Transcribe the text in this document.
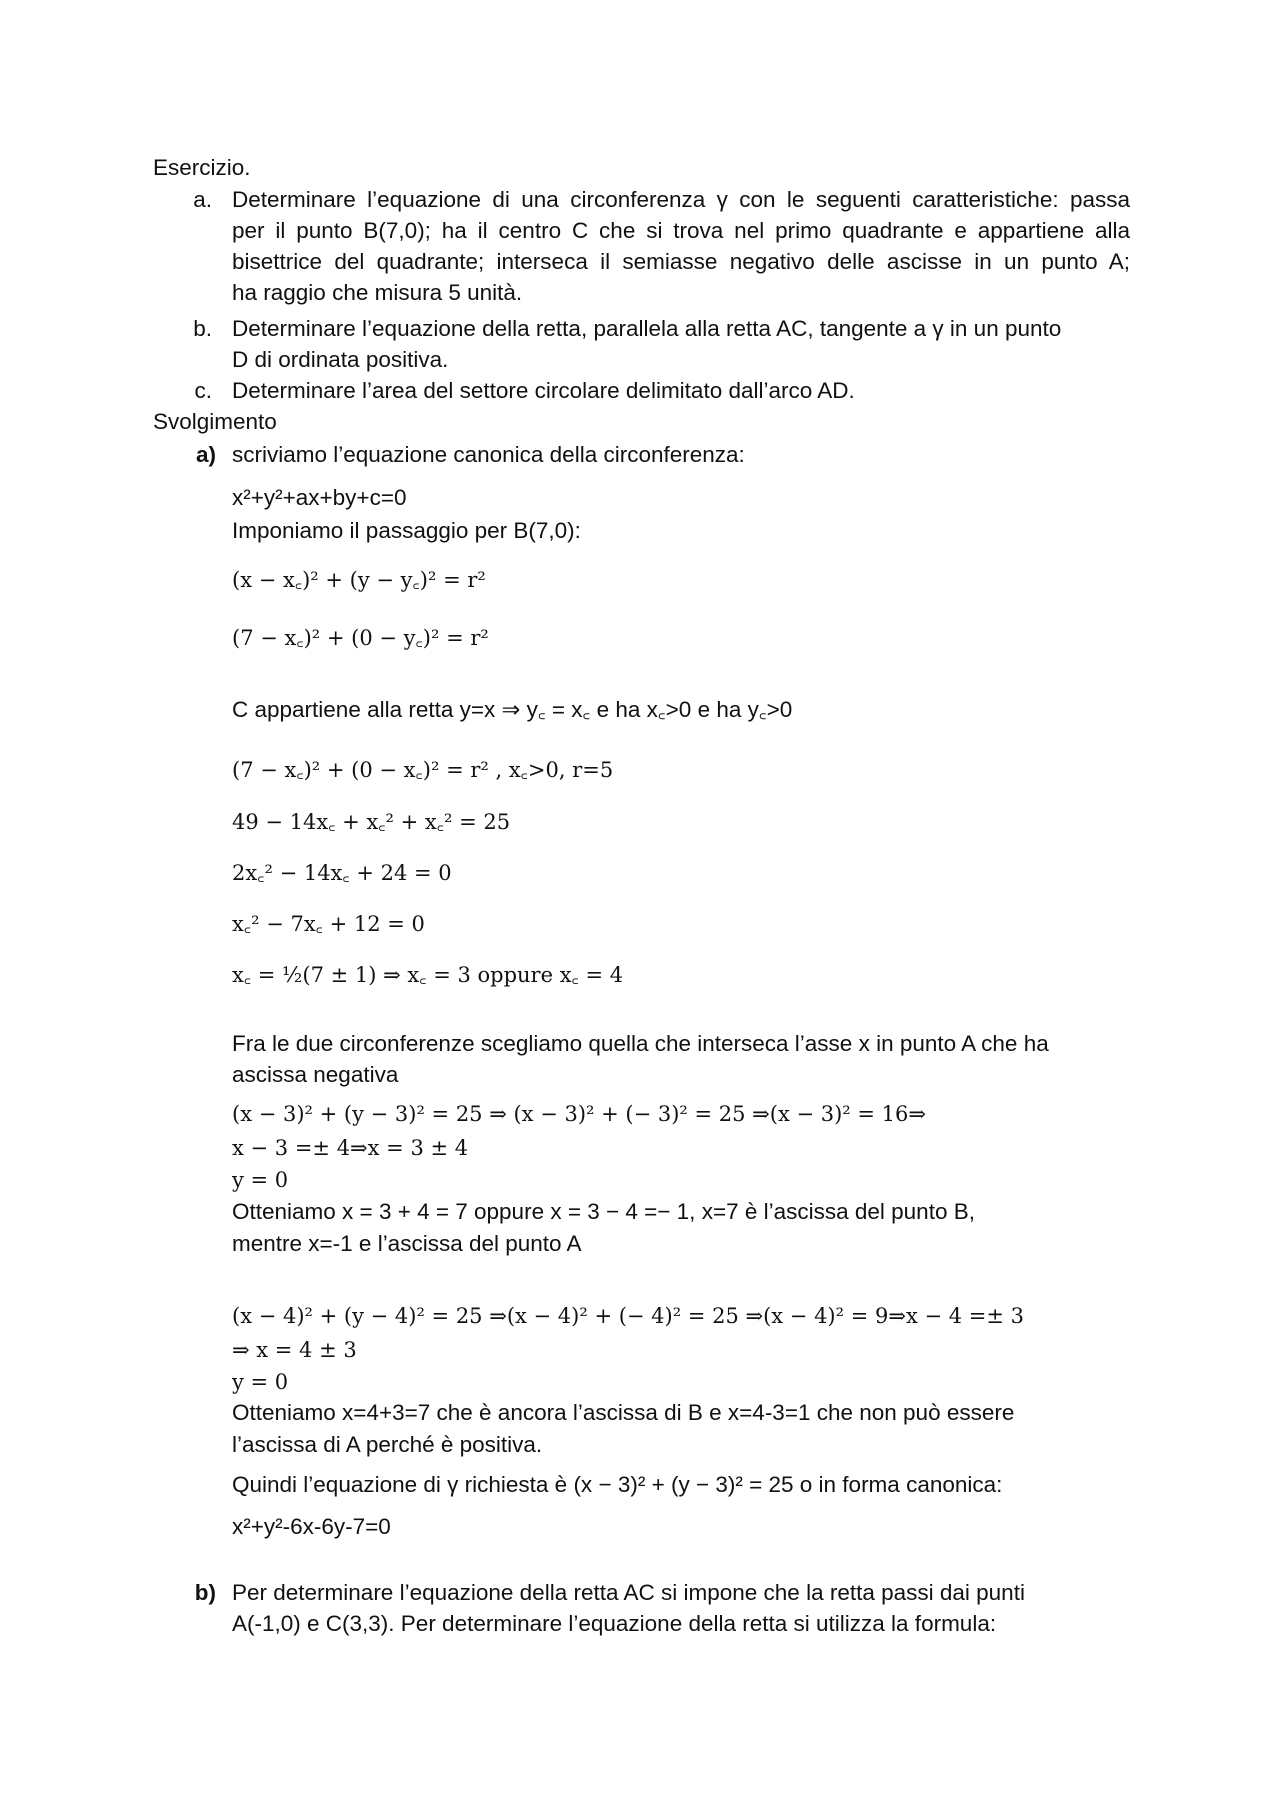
Esercizio.
a. Determinare l’equazione di una circonferenza γ con le seguenti caratteristiche: passa
per il punto B(7,0); ha il centro C che si trova nel primo quadrante e appartiene alla
bisettrice del quadrante; interseca il semiasse negativo delle ascisse in un punto A;
ha raggio che misura 5 unità.
b. Determinare l’equazione della retta, parallela alla retta AC, tangente a γ in un punto
D di ordinata positiva.
c. Determinare l’area del settore circolare delimitato dall’arco AD.
Svolgimento
a) scriviamo l’equazione canonica della circonferenza:
x²+y²+ax+by+c=0
Imponiamo il passaggio per B(7,0):
(x − x꜀)² + (y − y꜀)² = r²
(7 − x꜀)² + (0 − y꜀)² = r²
C appartiene alla retta y=x ⇒ y꜀ = x꜀ e ha x꜀>0 e ha y꜀>0
(7 − x꜀)² + (0 − x꜀)² = r² , x꜀>0, r=5
49 − 14x꜀ + x꜀² + x꜀² = 25
2x꜀² − 14x꜀ + 24 = 0
x꜀² − 7x꜀ + 12 = 0
x꜀ = ½(7 ± 1) ⇒ x꜀ = 3 oppure x꜀ = 4
Fra le due circonferenze scegliamo quella che interseca l’asse x in punto A che ha
ascissa negativa
(x − 3)² + (y − 3)² = 25 ⇒ (x − 3)² + (− 3)² = 25 ⇒(x − 3)² = 16⇒
x − 3 =± 4⇒x = 3 ± 4
y = 0
Otteniamo x = 3 + 4 = 7 oppure x = 3 − 4 =− 1, x=7 è l’ascissa del punto B,
mentre x=-1 e l’ascissa del punto A
(x − 4)² + (y − 4)² = 25 ⇒(x − 4)² + (− 4)² = 25 ⇒(x − 4)² = 9⇒x − 4 =± 3
⇒ x = 4 ± 3
y = 0
Otteniamo x=4+3=7 che è ancora l’ascissa di B e x=4-3=1 che non può essere
l’ascissa di A perché è positiva.
Quindi l’equazione di γ richiesta è (x − 3)² + (y − 3)² = 25 o in forma canonica:
x²+y²-6x-6y-7=0
b) Per determinare l’equazione della retta AC si impone che la retta passi dai punti
A(-1,0) e C(3,3). Per determinare l’equazione della retta si utilizza la formula:
